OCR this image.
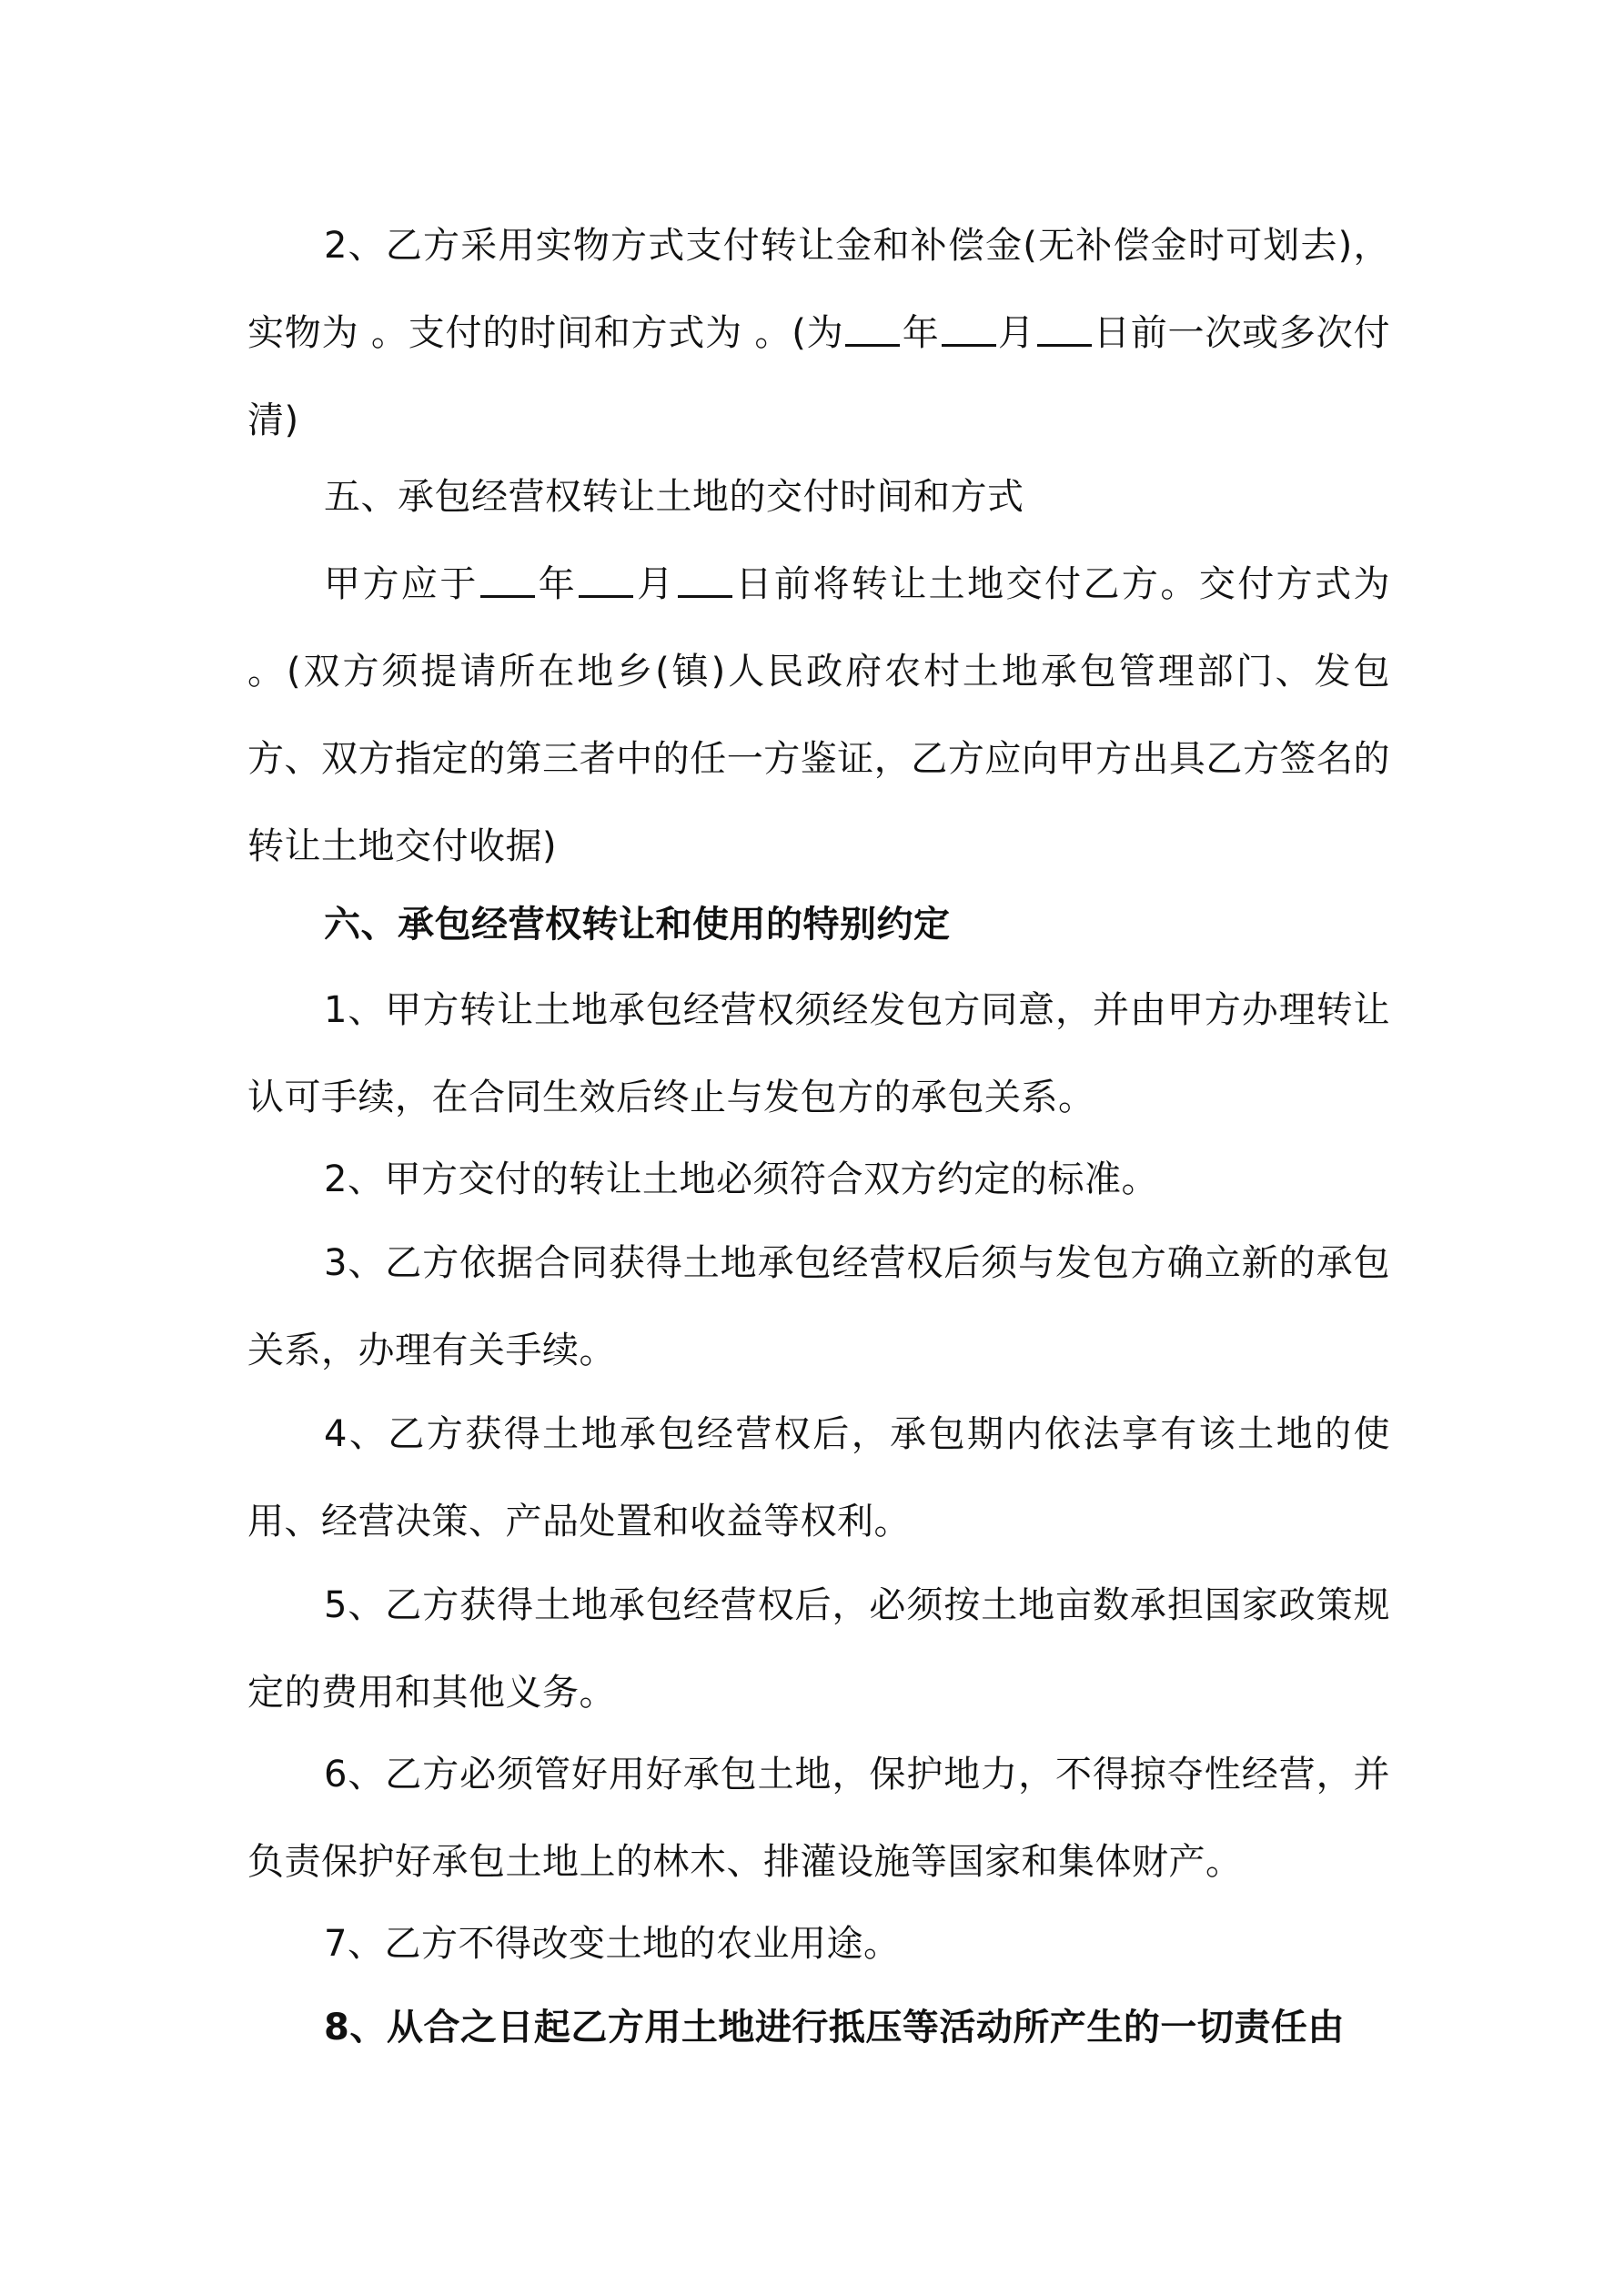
2、乙方采用实物方式支付转让金和补偿金(无补偿金时可划去)，实物为 。支付的时间和方式为 。(为 年 月 日前一次或多次付清)

五、承包经营权转让土地的交付时间和方式

甲方应于 年 月 日前将转让土地交付乙方。交付方式为 。(双方须提请所在地乡(镇)人民政府农村土地承包管理部门、发包方、双方指定的第三者中的任一方鉴证，乙方应向甲方出具乙方签名的转让土地交付收据)

六、承包经营权转让和使用的特别约定

1、甲方转让土地承包经营权须经发包方同意，并由甲方办理转让认可手续，在合同生效后终止与发包方的承包关系。

2、甲方交付的转让土地必须符合双方约定的标准。

3、乙方依据合同获得土地承包经营权后须与发包方确立新的承包关系，办理有关手续。

4、乙方获得土地承包经营权后，承包期内依法享有该土地的使用、经营决策、产品处置和收益等权利。

5、乙方获得土地承包经营权后，必须按土地亩数承担国家政策规定的费用和其他义务。

6、乙方必须管好用好承包土地，保护地力，不得掠夺性经营，并负责保护好承包土地上的林木、排灌设施等国家和集体财产。

7、乙方不得改变土地的农业用途。

8、从合之日起乙方用土地进行抵压等活动所产生的一切责任由
